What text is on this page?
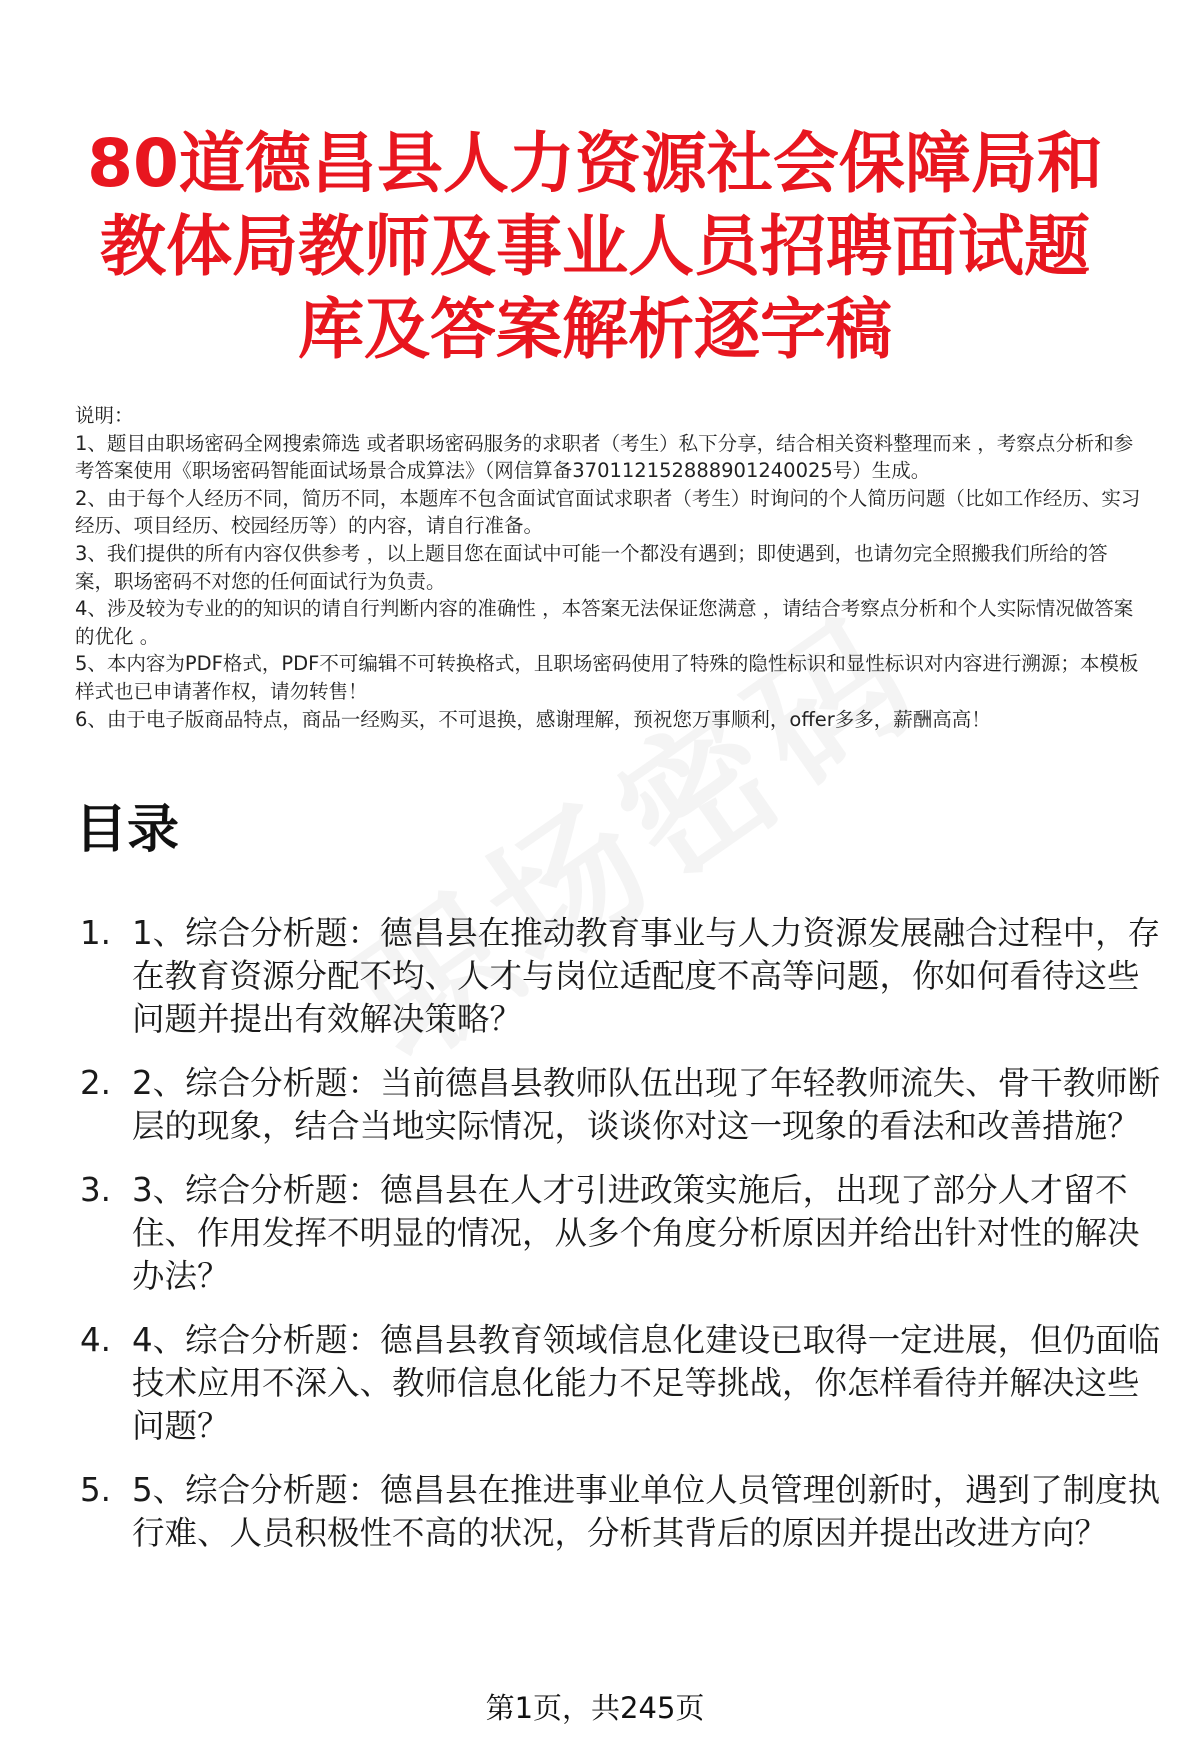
80道德昌县人力资源社会保障局和教体局教师及事业人员招聘面试题库及答案解析逐字稿
说明：
1、题目由职场密码全网搜索筛选 或者职场密码服务的求职者（考生）私下分享，结合相关资料整理而来 ，考察点分析和参考答案使用《职场密码智能面试场景合成算法》（网信算备370112152888901240025号）生成。
2、由于每个人经历不同，简历不同，本题库不包含面试官面试求职者（考生）时询问的个人简历问题（比如工作经历、实习经历、项目经历、校园经历等）的内容，请自行准备。
3、我们提供的所有内容仅供参考 ，以上题目您在面试中可能一个都没有遇到；即使遇到，也请勿完全照搬我们所给的答案，职场密码不对您的任何面试行为负责。
4、涉及较为专业的的知识的请自行判断内容的准确性 ，本答案无法保证您满意 ，请结合考察点分析和个人实际情况做答案的优化 。
5、本内容为PDF格式，PDF不可编辑不可转换格式，且职场密码使用了特殊的隐性标识和显性标识对内容进行溯源；本模板样式也已申请著作权，请勿转售！
6、由于电子版商品特点，商品一经购买，不可退换，感谢理解，预祝您万事顺利，offer多多，薪酬高高！
目录
1. 1、综合分析题：德昌县在推动教育事业与人力资源发展融合过程中，存在教育资源分配不均、人才与岗位适配度不高等问题，你如何看待这些问题并提出有效解决策略？
2. 2、综合分析题：当前德昌县教师队伍出现了年轻教师流失、骨干教师断层的现象，结合当地实际情况，谈谈你对这一现象的看法和改善措施？
3. 3、综合分析题：德昌县在人才引进政策实施后，出现了部分人才留不住、作用发挥不明显的情况，从多个角度分析原因并给出针对性的解决办法？
4. 4、综合分析题：德昌县教育领域信息化建设已取得一定进展，但仍面临技术应用不深入、教师信息化能力不足等挑战，你怎样看待并解决这些问题？
5. 5、综合分析题：德昌县在推进事业单位人员管理创新时，遇到了制度执行难、人员积极性不高的状况，分析其背后的原因并提出改进方向？
第1页，共245页
